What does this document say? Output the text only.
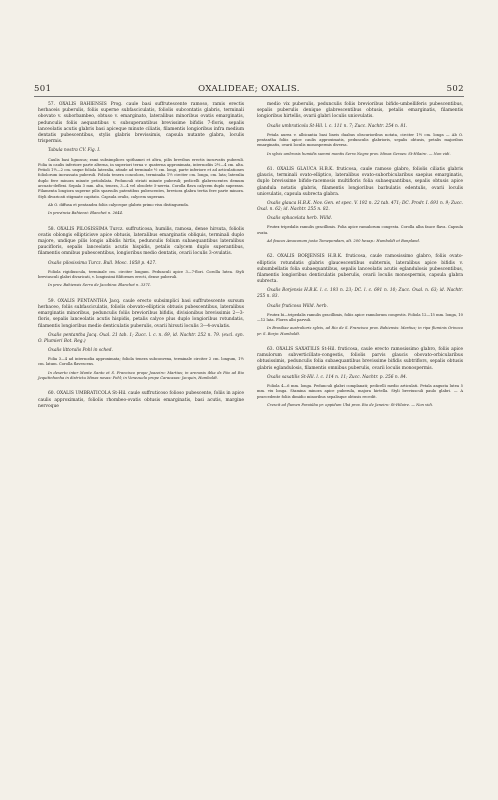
501	OXALIDEAE; OXALIS.	502

57. OXALIS BAHIENSIS Prog. caule basi suffrutescente ramoso, ramis erectis herbaceis puberulis, foliis superne subfasciculatis, foliolis subcontatis glabris, terminali obovato v. suborbambeo, obtuso v. emarginato, lateralibus minoribus ovatis emarginatis, pedunculis foliis aequantibus v. subsuperantibus brevissime bifidis 7-floris, sepalis lanceolatis acutis glabris basi apiceque minute ciliatis, filamentis longioribus infra medium dentatis pubescentibus, stylis glabris brevissimis, capsula nutante glabra, loculis trispermis.

Tabula nostra CV. Fig. I.

Caulis basi lignosus; rami subsimplices spithamei et altra, pilis brevibus erectis incurvatis puberuli. Folia in caulis inferiore parte alterna, in superiori terna v. quaterna approximata, internodiis 2½—4 cm. alta. Petioli 1½—2 cm. usque foliola lateralia, atinde ad terminale ½ cm. longi, parte inferiore et ad articulationes foliolorum incrassata puberuli. Foliola tenera concolora, terminalia 1½ circiter cm. longa, cm. lata; lateralia duplo fere minora minute petiolulata. Pedunculi striati minute puberuli; pedicelli glabrescentes demum arcuato-deflexi. Sepala 3 mm. alta, tenera, 3—4 vel obsolete 5-nervia. Corolla flava calycem duplo superans. Filamenta longiora superne pilis sparsulis patentibus pubescentes, breviora glabra tertia fere parte minora. Styli divaricati stigmate capitato. Capsula ovalis, calycem superans.

Ab O. diffusa et pentandra foliis calyceque glabris primo visu distinguenda.

In provincia Bahiensi: Blanchet n. 2644.

58. OXALIS PILOSISSIMA Turcz. suffruticosa, humilis, ramosa, dense hirsuta, foliolis ovatis oblongis ellipticisve apice obtusis, lateralibus emarginatis obliquis, terminali duplo majore, undique pilis longis albidis hirtis, pedunculis folium subaequantibus lateralibus paucifloris, sepalis lanceolatis acutis hispidis, petalis calycem duplo superantibus, filamentis omnibus pubescentibus, longioribus medio dentatis, ovarii loculis 3-ovulatis.

Oxalis pilosissima Turcz. Bull. Mosc. 1858 p. 427.

Foliola rigidiuscula, terminale cm. circiter longum. Pedunculi apice 3—7-flori. Corolla lutea. Styli breviusculi glabri divaricati, v. longissimi filiformes erecti, dense puberuli.

In prov. Bahiensis Serra de Jacobina: Blanchet n. 3371.

59. OXALIS PENTANTHA Jacq. caule erecto subsimplici basi suffrutescente sursum herbaceo, foliis subfasciculatis, foliolis obovato-ellipticis obtusis pubescentibus, lateralibus emarginatis minoribus, pedunculis foliis brevioribus bifidis, divisionibus brevissimis 2—3-floris, sepalis lanceolatis acutis hispidis, petalis calyce plus duplo longioribus rotundatis, filamentis longioribus medio denticulatis puberulis, ovarii hirsuti loculis 3—4-ovulatis.

Oxalis pentantha Jacq. Oxal. 21 tab. 1; Zucc. l. c. n. 69, id. Nachtr. 252 n. 79. (excl. syn. O. Plumieri Bot. Reg.)

Oxalis littoralis Pohl in sched.

Folia 3—4 ad internodia approximata; foliola tenera subconvexa, terminale circiter 2 cm. longum, 1½ cm. latum. Corolla flavescens.

In deserto inter Monte Santo et S. Francisco prope Joazeiro: Martius; in arenosis ibka ds Pão ad Rio Jequitinhonha in districtu Minas novas: Pohl; in Venezuela prope Caracasas: Jacquin, Humboldt.

60. OXALIS UMBRATICOLA St-Hil. caule suffruticoso folioso pubescente, foliis in apice caulis approximatis, foliolis rhombeo-ovatis obtusis emarginatis, basi acutis, margine nervoque

medio vix puberulis, pedunculis foliis brevioribus bifido-umbelliferis pubescentibus, sepalis puberulis denique glabrescentibus obtusis, petalis emarginatis, filamentis longioribus hirtellis, ovarii glabri loculis uniovulatis.

Oxalis umbraticola St-Hil. l. c. 111 n. 7; Zucc. Nachtr. 254 n. 81.

Petala aurea v. albicantia basi lineis duabus obscurioribus notata, circiter 1½ cm. longa — Ab O. pentantha foliis apice caulis approximatis, pedunculis glabrioris, sepalis obtusis, petalis majoribus emarginatis, ovarii loculis monospermis diversa.

In sylvis umbrosis humidis summi montis Serra Negra prov. Minas Geraes: St-Hilaire. — Non vidi.

61. OXALIS GLAUCA H.B.K. fruticosa, caule ramoso glabro, foliolis ciliatis glabris glaucis, terminali ovato-elliptico, lateralibus ovato-suborbicularibus saepius emarginatis, duplo brevissime bifido-racemosis multifloris folia subaequantibus, sepalis obtusis apice glandula notatis glabris, filamentis longioribus barbulatis edentulis, ovarii loculis uniovulatis, capsula subrecta glabra.

Oxalis glauca H.B.K. Nov. Gen. et spec. V. 192 n. 22 tab. 471; DC. Prodr. I. 691 n. 9; Zucc. Oxal. n. 62; id. Nachtr. 255 n. 82.

Oxalis sphacelata herb. Willd.

Frutex tripedalis ramulis gracillimis. Folia apice ramulorum congesta. Corolla alba fauce flava. Capsula ovata.

Ad fauces Amazonum juxta Tomependam, alt. 200 hexap.: Humboldt et Bonpland.

62. OXALIS BORJENSIS H.B.K. fruticosa, caule ramosissimo glabro, foliis ovato-ellipticis rotundatis glabris glaucescentibus subternis, lateralibus apice bifidis v. subumbellatis folia subaequantibus, sepalis lanceolatis acutis eglandulosis pubescentibus, filamentis longioribus denticulatis puberulis, ovarii loculis monospermis, capsula glabra subrecta.

Oxalis Borjensis H.B.K. l. c. 193 n. 23; DC. l. c. 691 n. 10; Zucc. Oxal. n. 63; id. Nachtr. 255 n. 83.

Oxalis fruticosa Willd. herb.

Frutex bi—tripedalis ramulis gracillimis, foliis apice ramulorum congestis. Foliola 12—15 mm. longa, 10—12 lata. Flores albi parvuli.

In Brasiliae australioris sylvis, ad Rio de S. Francisco prov. Bahiensis: Martius; in ripa fluminis Orinoco pr. S. Borja: Humboldt.

63. OXALIS SAXATILIS St-Hil. fruticosa, caule erecto ramosissimo glabro, foliis apice ramulorum subverticillato-congestis, foliolis parvis glaucis obovato-orbicularibus obtusissimis, pedunculis folia subaequantibus brevissime bifidis subtriflors, sepalis obtusis glabris eglandulosis, filamentis omnibus puberulis, ovarii loculis monospermis.

Oxalis saxatilis St-Hil. l. c. 114 n. 11; Zucc. Nachtr. p. 256 n. 84.

Foliola 4—6 mm. longa. Pedunculi glabri complanati; pedicelli medio articulati. Petala angusta lutea 5 mm. vix longa. Stamina minora apice puberula, majora hirtella. Styli breviusculi paulo glabri. — A praecedente foliis dimidio minoribus sepalisque obtusis recedit.

Crescit ad flumen Paraiúba pr. oppidum Ubá prov. Rio de Janeiro: St-Hilaire. — Non vidi.
